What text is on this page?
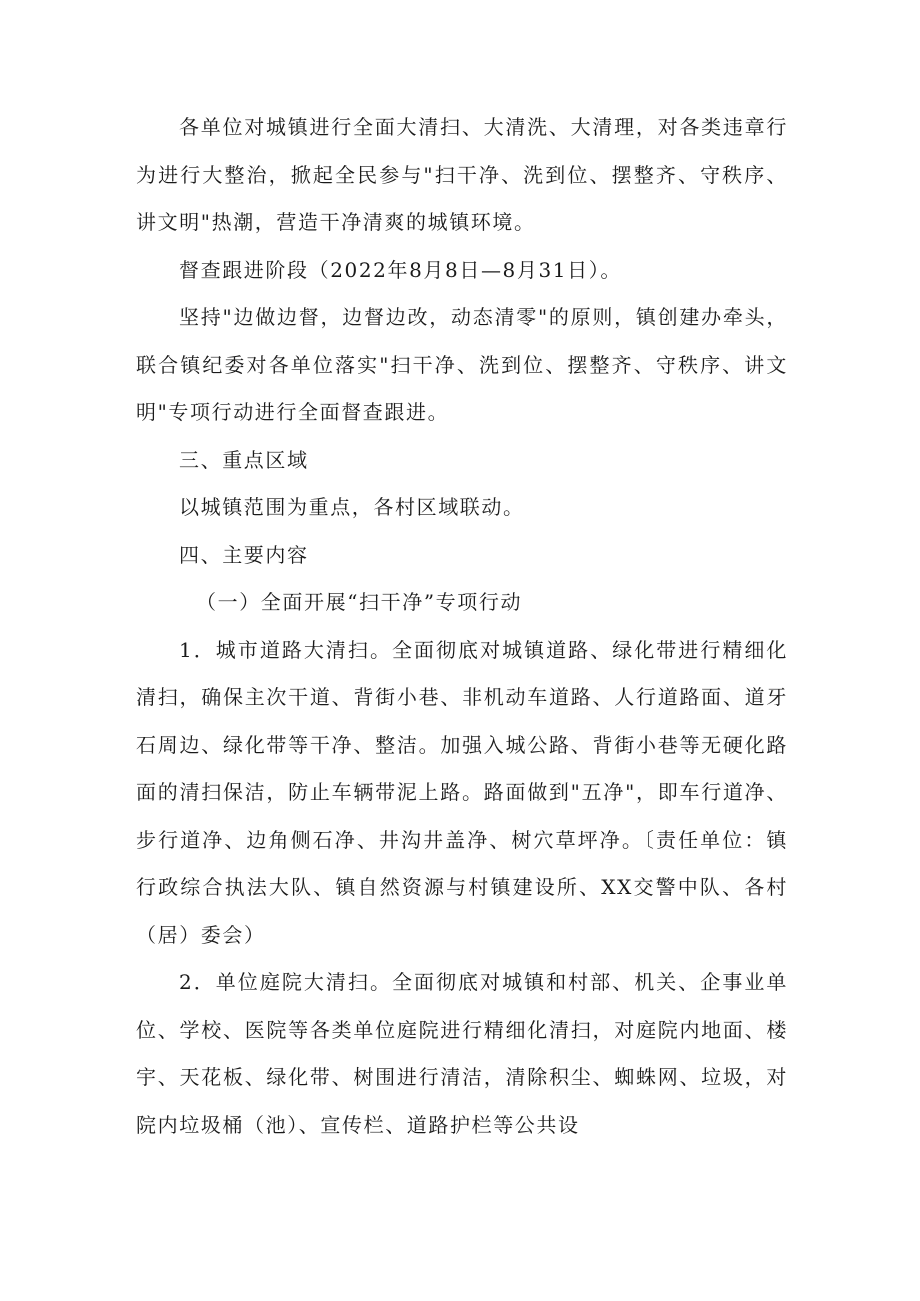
各单位对城镇进行全面大清扫、大清洗、大清理，对各类违章行为进行大整治，掀起全民参与"扫干净、洗到位、摆整齐、守秩序、讲文明"热潮，营造干净清爽的城镇环境。

督查跟进阶段（2022年8月8日—8月31日）。

坚持"边做边督，边督边改，动态清零"的原则，镇创建办牵头，联合镇纪委对各单位落实"扫干净、洗到位、摆整齐、守秩序、讲文明"专项行动进行全面督查跟进。

三、重点区域

以城镇范围为重点，各村区域联动。

四、主要内容

（一）全面开展“扫干净”专项行动

1．城市道路大清扫。全面彻底对城镇道路、绿化带进行精细化清扫，确保主次干道、背街小巷、非机动车道路、人行道路面、道牙石周边、绿化带等干净、整洁。加强入城公路、背街小巷等无硬化路面的清扫保洁，防止车辆带泥上路。路面做到"五净"，即车行道净、步行道净、边角侧石净、井沟井盖净、树穴草坪净。〔责任单位：镇行政综合执法大队、镇自然资源与村镇建设所、XX交警中队、各村（居）委会）

2．单位庭院大清扫。全面彻底对城镇和村部、机关、企事业单位、学校、医院等各类单位庭院进行精细化清扫，对庭院内地面、楼宇、天花板、绿化带、树围进行清洁，清除积尘、蜘蛛网、垃圾，对院内垃圾桶（池）、宣传栏、道路护栏等公共设
